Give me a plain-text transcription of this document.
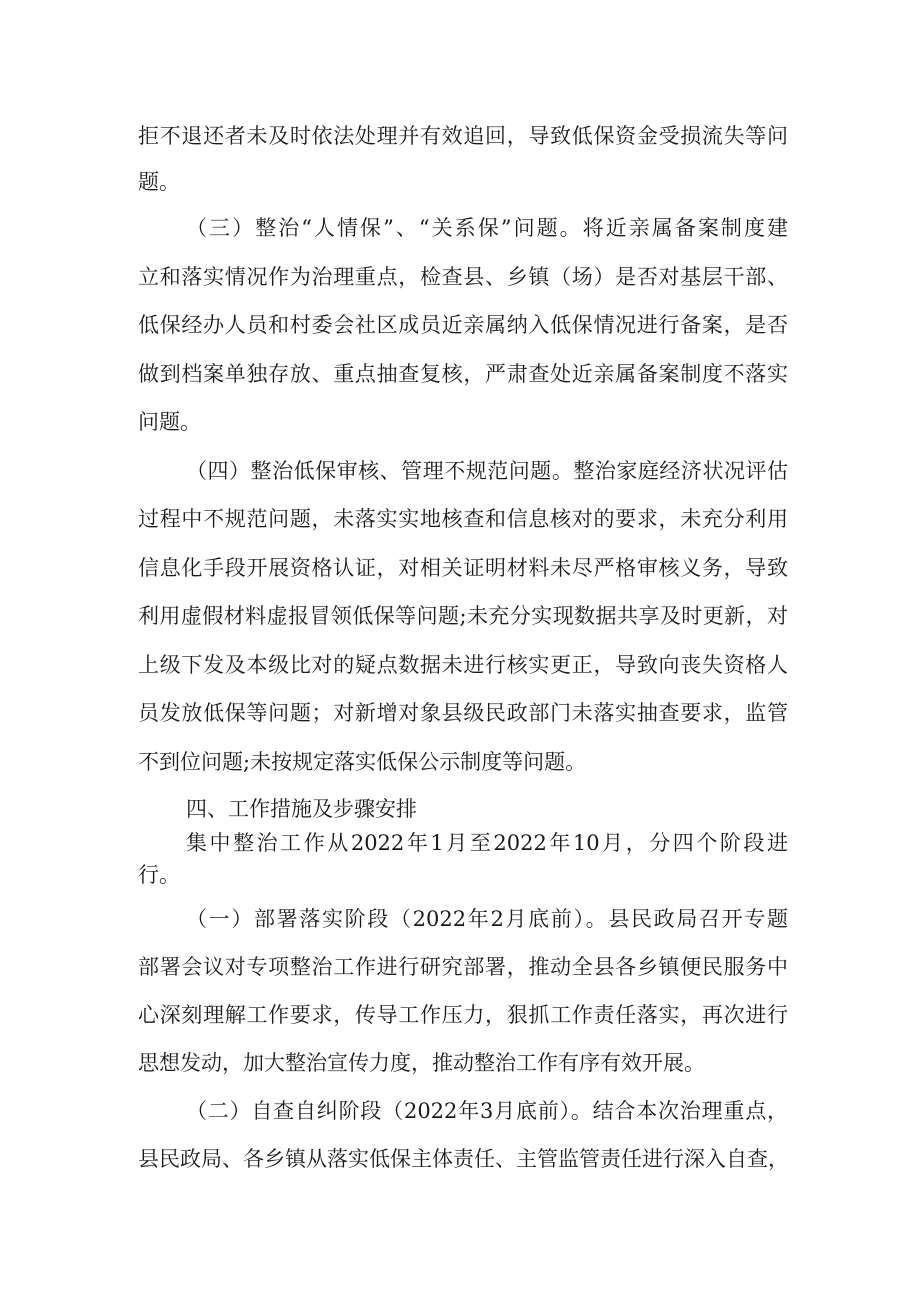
拒不退还者未及时依法处理并有效追回，导致低保资金受损流失等问

题。

（三）整治“人情保”、“关系保”问题。将近亲属备案制度建

立和落实情况作为治理重点，检查县、乡镇（场）是否对基层干部、

低保经办人员和村委会社区成员近亲属纳入低保情况进行备案，是否

做到档案单独存放、重点抽查复核，严肃查处近亲属备案制度不落实

问题。

（四）整治低保审核、管理不规范问题。整治家庭经济状况评估

过程中不规范问题，未落实实地核查和信息核对的要求，未充分利用

信息化手段开展资格认证，对相关证明材料未尽严格审核义务，导致

利用虚假材料虚报冒领低保等问题;未充分实现数据共享及时更新，对

上级下发及本级比对的疑点数据未进行核实更正，导致向丧失资格人

员发放低保等问题；对新增对象县级民政部门未落实抽查要求，监管

不到位问题;未按规定落实低保公示制度等问题。

四、工作措施及步骤安排

集中整治工作从2022年1月至2022年10月，分四个阶段进

行。

（一）部署落实阶段（2022年2月底前）。县民政局召开专题

部署会议对专项整治工作进行研究部署，推动全县各乡镇便民服务中

心深刻理解工作要求，传导工作压力，狠抓工作责任落实，再次进行

思想发动，加大整治宣传力度，推动整治工作有序有效开展。

（二）自查自纠阶段（2022年3月底前）。结合本次治理重点，

县民政局、各乡镇从落实低保主体责任、主管监管责任进行深入自查，
